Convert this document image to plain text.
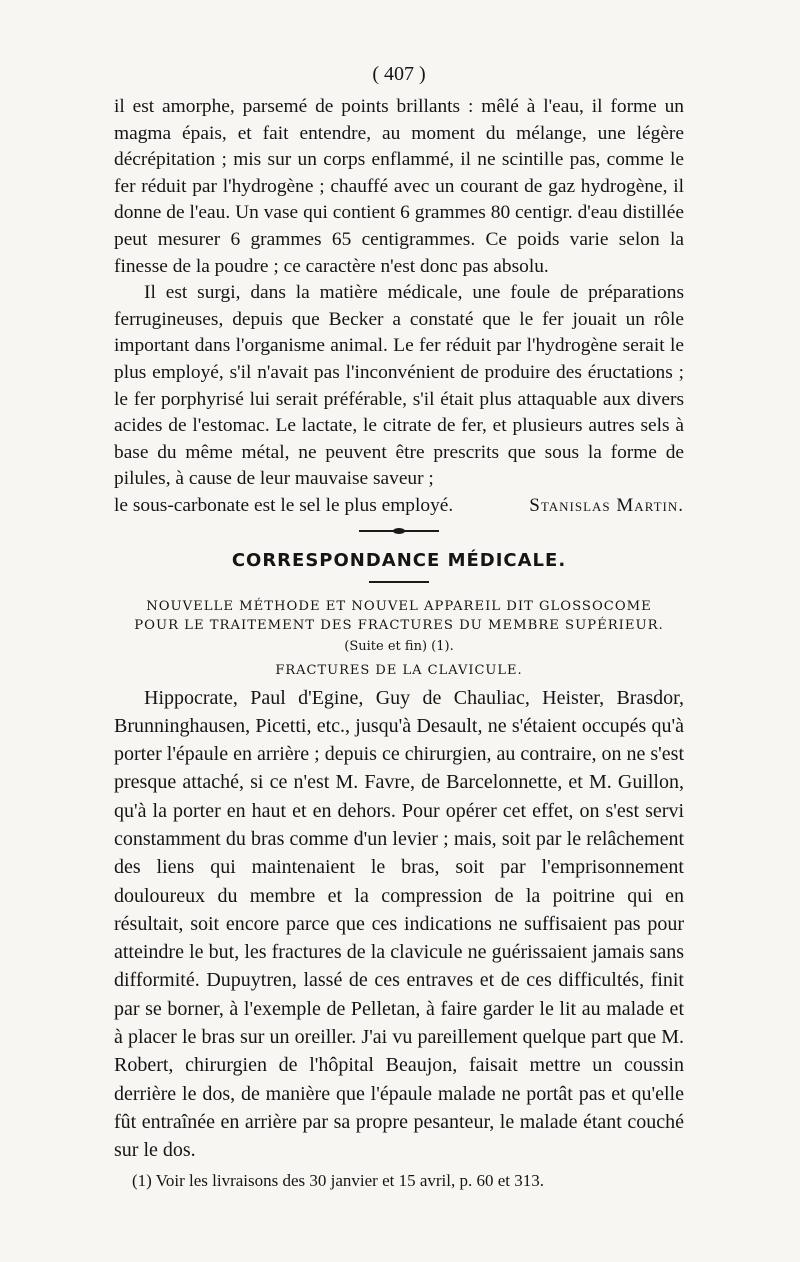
( 407 )

il est amorphe, parsemé de points brillants : mêlé à l'eau, il forme un magma épais, et fait entendre, au moment du mélange, une légère décrépitation ; mis sur un corps enflammé, il ne scintille pas, comme le fer réduit par l'hydrogène ; chauffé avec un courant de gaz hydrogène, il donne de l'eau. Un vase qui contient 6 grammes 80 centigr. d'eau distillée peut mesurer 6 grammes 65 centigrammes. Ce poids varie selon la finesse de la poudre ; ce caractère n'est donc pas absolu.

Il est surgi, dans la matière médicale, une foule de préparations ferrugineuses, depuis que Becker a constaté que le fer jouait un rôle important dans l'organisme animal. Le fer réduit par l'hydrogène serait le plus employé, s'il n'avait pas l'inconvénient de produire des éructations ; le fer porphyrisé lui serait préférable, s'il était plus attaquable aux divers acides de l'estomac. Le lactate, le citrate de fer, et plusieurs autres sels à base du même métal, ne peuvent être prescrits que sous la forme de pilules, à cause de leur mauvaise saveur ;

le sous-carbonate est le sel le plus employé.	Stanislas Martin.

CORRESPONDANCE MÉDICALE.

NOUVELLE MÉTHODE ET NOUVEL APPAREIL DIT GLOSSOCOME

POUR LE TRAITEMENT DES FRACTURES DU MEMBRE SUPÉRIEUR.

(Suite et fin) (1).

FRACTURES DE LA CLAVICULE.

Hippocrate, Paul d'Egine, Guy de Chauliac, Heister, Brasdor, Brunninghausen, Picetti, etc., jusqu'à Desault, ne s'étaient occupés qu'à porter l'épaule en arrière ; depuis ce chirurgien, au contraire, on ne s'est presque attaché, si ce n'est M. Favre, de Barcelonnette, et M. Guillon, qu'à la porter en haut et en dehors. Pour opérer cet effet, on s'est servi constamment du bras comme d'un levier ; mais, soit par le relâchement des liens qui maintenaient le bras, soit par l'emprisonnement douloureux du membre et la compression de la poitrine qui en résultait, soit encore parce que ces indications ne suffisaient pas pour atteindre le but, les fractures de la clavicule ne guérissaient jamais sans difformité. Dupuytren, lassé de ces entraves et de ces difficultés, finit par se borner, à l'exemple de Pelletan, à faire garder le lit au malade et à placer le bras sur un oreiller. J'ai vu pareillement quelque part que M. Robert, chirurgien de l'hôpital Beaujon, faisait mettre un coussin derrière le dos, de manière que l'épaule malade ne portât pas et qu'elle fût entraînée en arrière par sa propre pesanteur, le malade étant couché sur le dos.

(1) Voir les livraisons des 30 janvier et 15 avril, p. 60 et 313.
